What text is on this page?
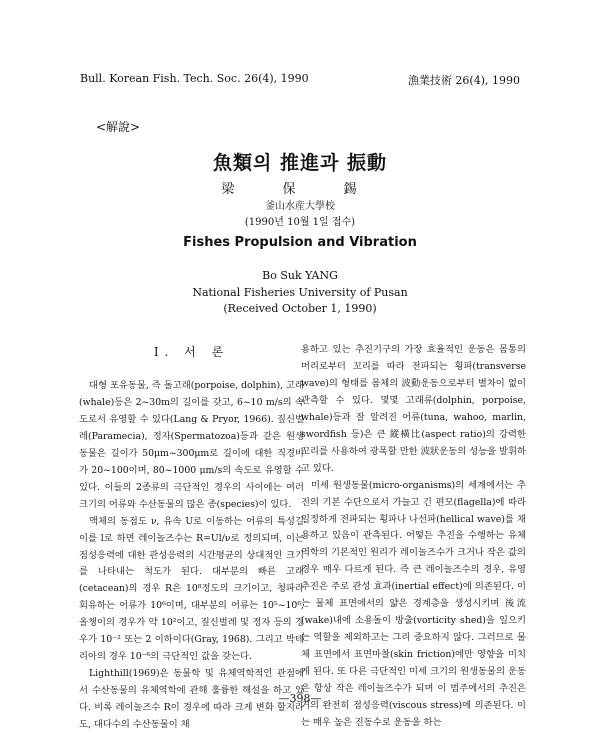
Bull. Korean Fish. Tech. Soc. 26(4), 1990	漁業技術 26(4), 1990
<解說>
魚類의 推進과 振動
梁 保 錫
釜山水産大學校
(1990년 10월 1일 접수)
Fishes Propulsion and Vibration
Bo Suk YANG
National Fisheries University of Pusan
(Received October 1, 1990)
I. 서 론

대형 포유동물, 즉 돌고래(porpoise, dolphin), 고래(whale)등은 2~30m의 길이를 갖고, 6~10 m/s의 속도로서 유영할 수 있다(Lang & Pryor, 1966). 짚신벌레(Paramecia), 정자(Spermatozoa)등과 같은 원생동물은 길이가 50μm~300μm로 길이에 대한 직경비가 20~100이며, 80~1000 μm/s의 속도로 유영할 수 있다. 이들의 2종류의 극단적인 경우의 사이에는 여러 크기의 어류와 수산동물의 많은 종(species)이 있다.

액체의 동점도 ν, 유속 U로 이동하는 어류의 특성길이를 l로 하면 레이놀즈수는 R=Ul/ν로 정의되며, 이는 점성응력에 대한 관성응력의 시간평균의 상대적인 크기를 나타내는 척도가 된다. 대부분의 빠른 고래(cetacean)의 경우 R은 10⁸정도의 크기이고, 청파라 회유하는 어류가 10⁶이며, 대부분의 어류는 10⁵~10⁶, 올챙이의 경우가 약 10²이고, 짚신벌레 및 정자 등의 경우가 10⁻² 또는 2 이하이다(Gray, 1968). 그리고 박테리아의 경우 10⁻⁶의 극단적인 값을 갖는다.

Lighthill(1969)은 동물학 및 유체역학적인 관점에서 수산동물의 유체역학에 관해 훌륭한 해설을 하고 있다. 비록 레이놀즈수 R이 경우에 따라 크게 변화 할지라도, 대다수의 수산동물이 채

용하고 있는 추진기구의 가장 효율적인 운동은 몸통의 머리로부터 꼬리를 따라 전파되는 횡파(transverse wave)의 형태를 몸체의 波動운동으로부터 별차이 없이 관측할 수 있다. 몇몇 고래류(dolphin, porpoise, whale)등과 잘 알려진 어류(tuna, wahoo, marlin, swordfish 등)은 큰 縱橫比(aspect ratio)의 강력한 꼬리를 사용하여 광폭할 만한 波狀운동의 성능을 발휘하고 있다.

미세 원생동물(micro-organisms)의 세계에서는 추진의 기본 수단으로서 가늘고 긴 편모(flagella)에 따라 일정하게 전파되는 횡파나 나선파(hellical wave)를 채용하고 있음이 관측된다. 어떻든 추진을 수행하는 유체역학의 기본적인 원리가 레이놀즈수가 크거나 작은 값의 경우 매우 다르게 된다. 즉 큰 레이놀즈수의 경우, 유영 추진은 주로 관성 효과(inertial effect)에 의존된다. 이는 물체 표면에서의 얇은 경계층을 생성시키며 後流(wake)내에 소용돌이 방출(vorticity shed)을 일으키는 역할을 제외하고는 그리 중요하지 않다. 그러므로 물체 표면에서 표면마찰(skin friction)에만 영향을 미치게 된다. 또 다른 극단적인 미세 크기의 원생동물의 운동은 항상 작은 레이놀즈수가 되며 이 범주에서의 추진은 거의 완전히 점성응력(viscous stress)에 의존된다. 이는 매우 높은 진동수로 운동을 하는

—398—
